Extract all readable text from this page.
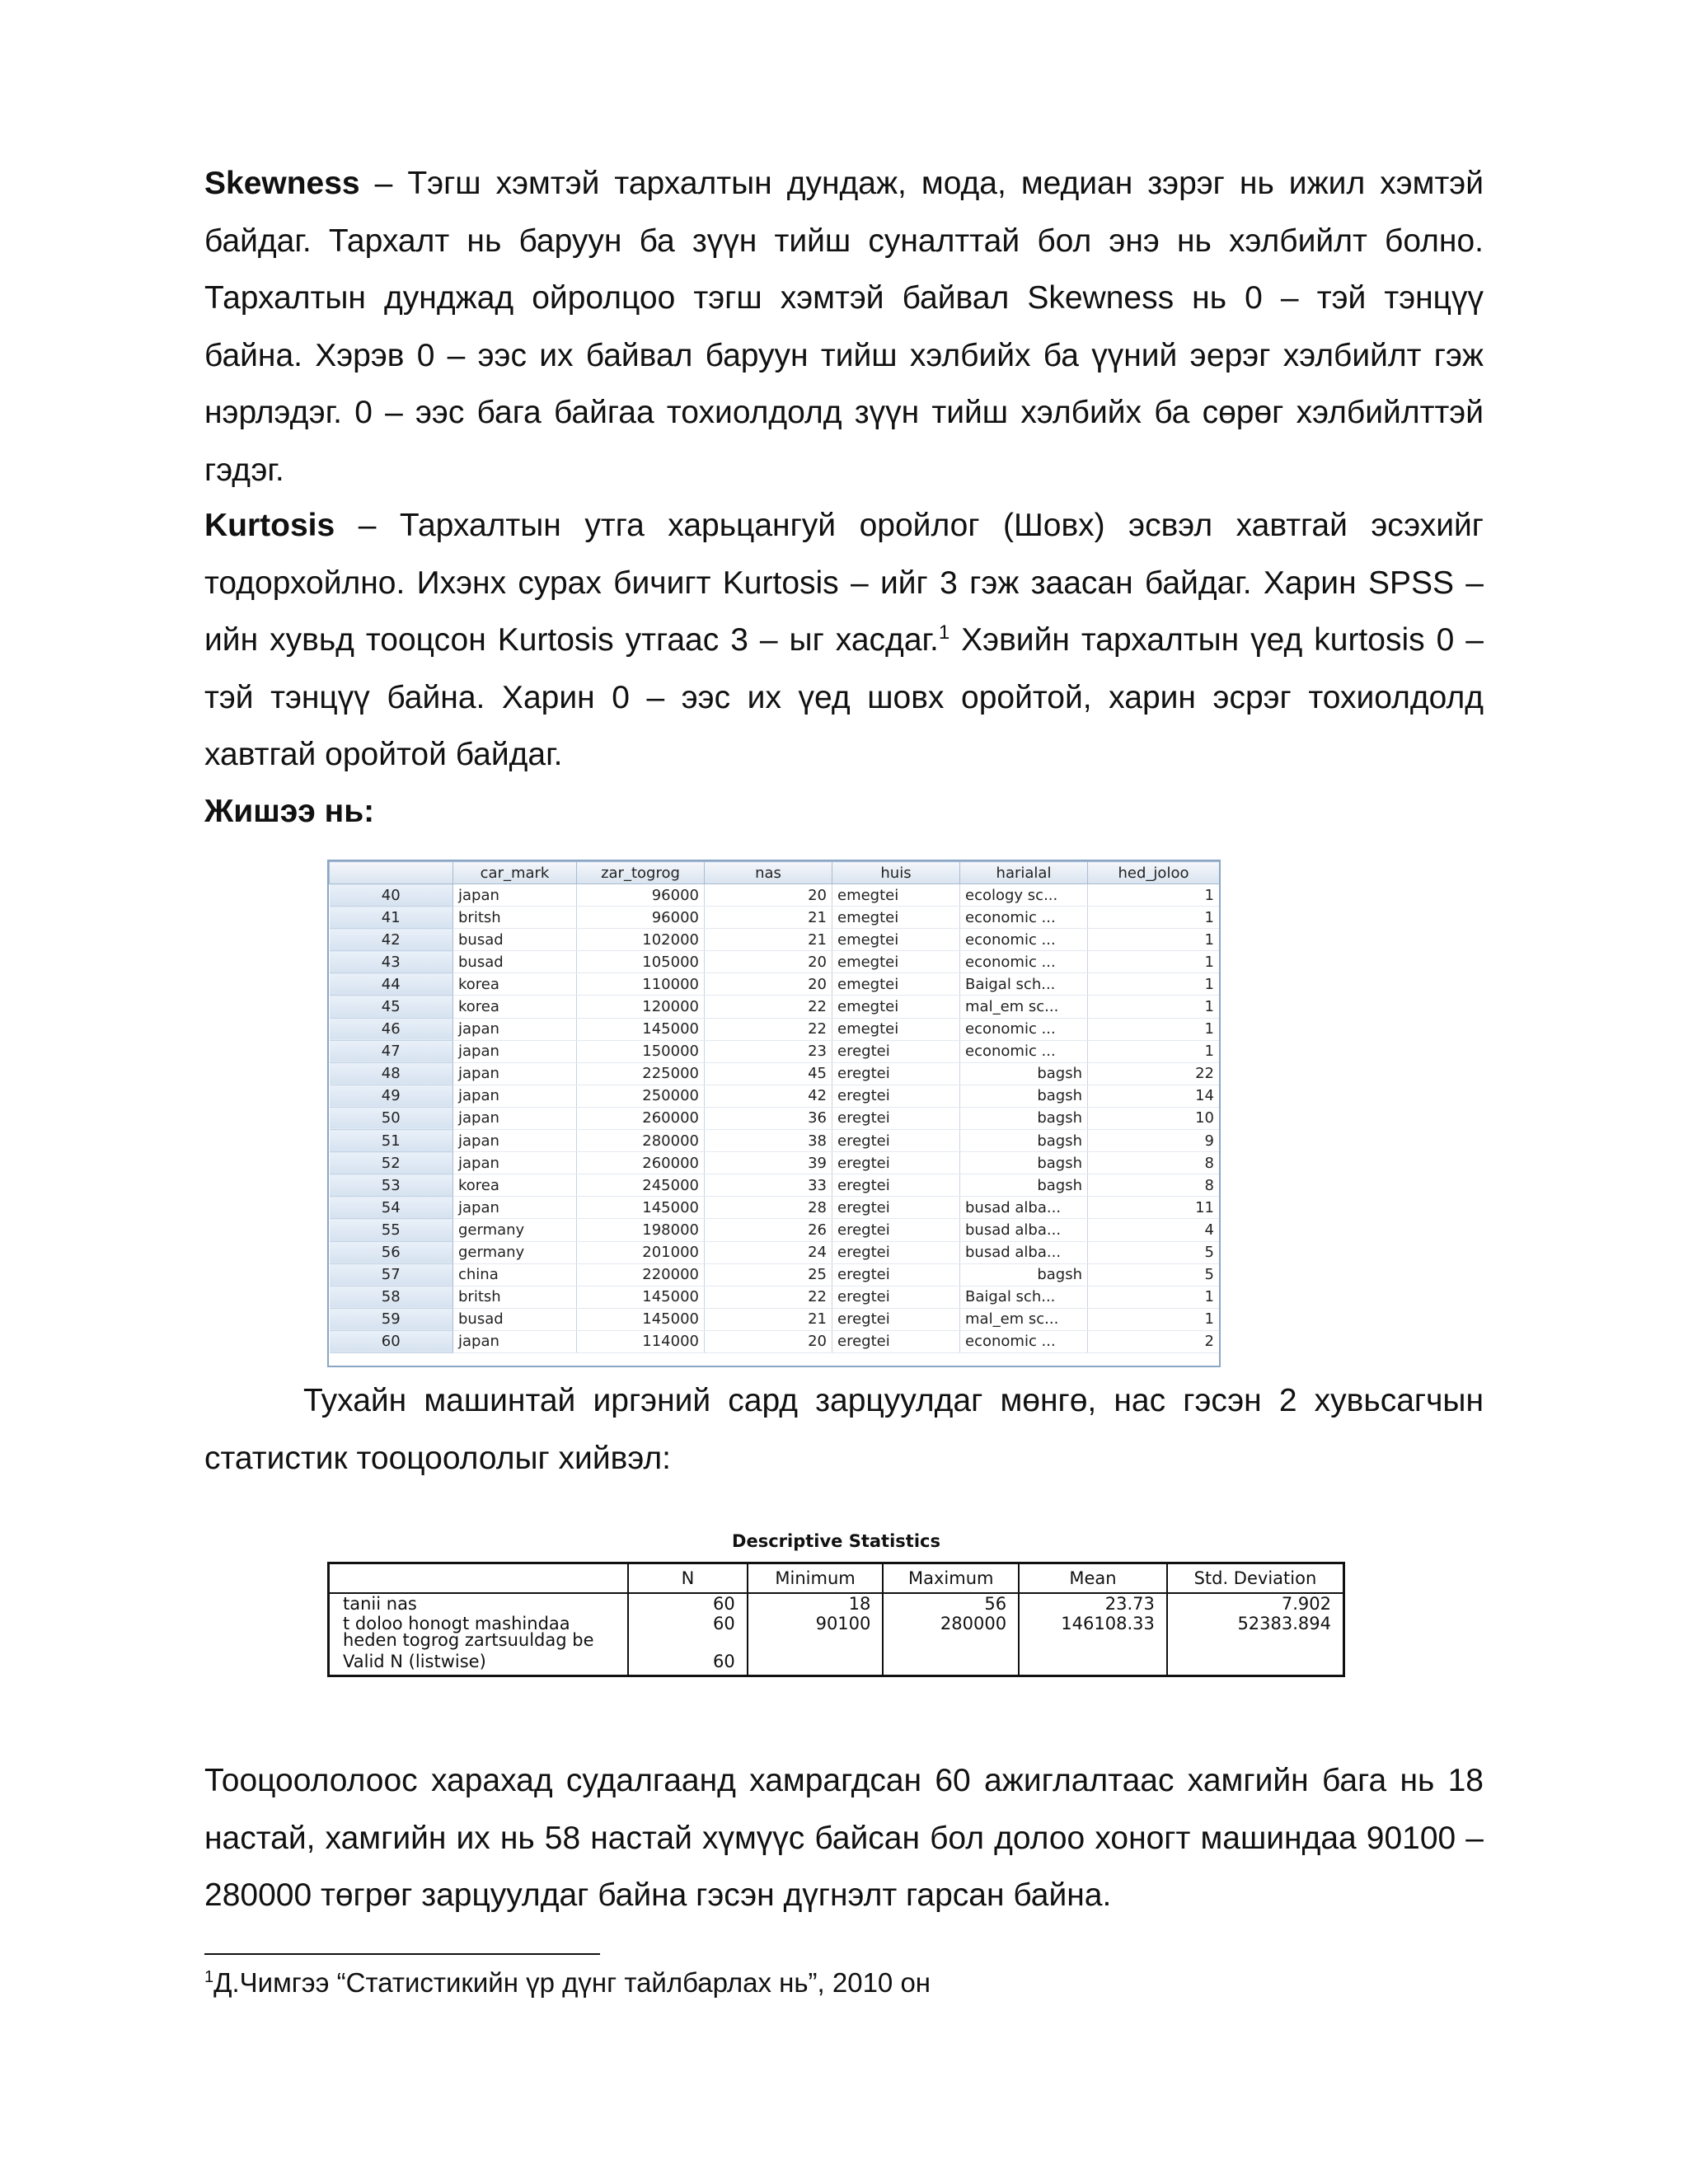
Skewness – Тэгш хэмтэй тархалтын дундаж, мода, медиан зэрэг нь ижил хэмтэй байдаг. Тархалт нь баруун ба зүүн тийш суналттай бол энэ нь хэлбийлт болно. Тархалтын дунджад ойролцоо тэгш хэмтэй байвал Skewness нь 0 – тэй тэнцүү байна. Хэрэв 0 – ээс их байвал баруун тийш хэлбийх ба үүний эерэг хэлбийлт гэж нэрлэдэг. 0 – ээс бага байгаа тохиолдолд зүүн тийш хэлбийх ба сөрөг хэлбийлттэй гэдэг.

Kurtosis – Тархалтын утга харьцангуй оройлог (Шовх) эсвэл хавтгай эсэхийг тодорхойлно. Ихэнх сурах бичигт Kurtosis – ийг 3 гэж заасан байдаг. Харин SPSS – ийн хувьд тооцсон Kurtosis утгаас 3 – ыг хасдаг.$^1$ Хэвийн тархалтын үед kurtosis 0 – тэй тэнцүү байна. Харин 0 – ээс их үед шовх оройтой, харин эсрэг тохиолдолд хавтгай оройтой байдаг.

Жишээ нь:

	car_mark	zar_togrog	nas	huis	harialal	hed_joloo
40	japan	96000	20	emegtei	ecology sc...	1
41	britsh	96000	21	emegtei	economic ...	1
42	busad	102000	21	emegtei	economic ...	1
43	busad	105000	20	emegtei	economic ...	1
44	korea	110000	20	emegtei	Baigal sch...	1
45	korea	120000	22	emegtei	mal_em sc...	1
46	japan	145000	22	emegtei	economic ...	1
47	japan	150000	23	eregtei	economic ...	1
48	japan	225000	45	eregtei	bagsh	22
49	japan	250000	42	eregtei	bagsh	14
50	japan	260000	36	eregtei	bagsh	10
51	japan	280000	38	eregtei	bagsh	9
52	japan	260000	39	eregtei	bagsh	8
53	korea	245000	33	eregtei	bagsh	8
54	japan	145000	28	eregtei	busad alba...	11
55	germany	198000	26	eregtei	busad alba...	4
56	germany	201000	24	eregtei	busad alba...	5
57	china	220000	25	eregtei	bagsh	5
58	britsh	145000	22	eregtei	Baigal sch...	1
59	busad	145000	21	eregtei	mal_em sc...	1
60	japan	114000	20	eregtei	economic ...	2

Тухайн машинтай иргэний сард зарцуулдаг мөнгө, нас гэсэн 2 хувьсагчын статистик тооцоололыг хийвэл:

Descriptive Statistics
	N	Minimum	Maximum	Mean	Std. Deviation
tanii nas	60	18	56	23.73	7.902
t doloo honogt mashindaa heden togrog zartsuuldag be	60	90100	280000	146108.33	52383.894
Valid N (listwise)	60				

Тооцоололоос харахад судалгаанд хамрагдсан 60 ажиглалтаас хамгийн бага нь 18 настай, хамгийн их нь 58 настай хүмүүс байсан бол долоо хоногт машиндаа 90100 – 280000 төгрөг зарцуулдаг байна гэсэн дүгнэлт гарсан байна.

$^1$Д.Чимгээ “Статистикийн үр дүнг тайлбарлах нь”, 2010 он
